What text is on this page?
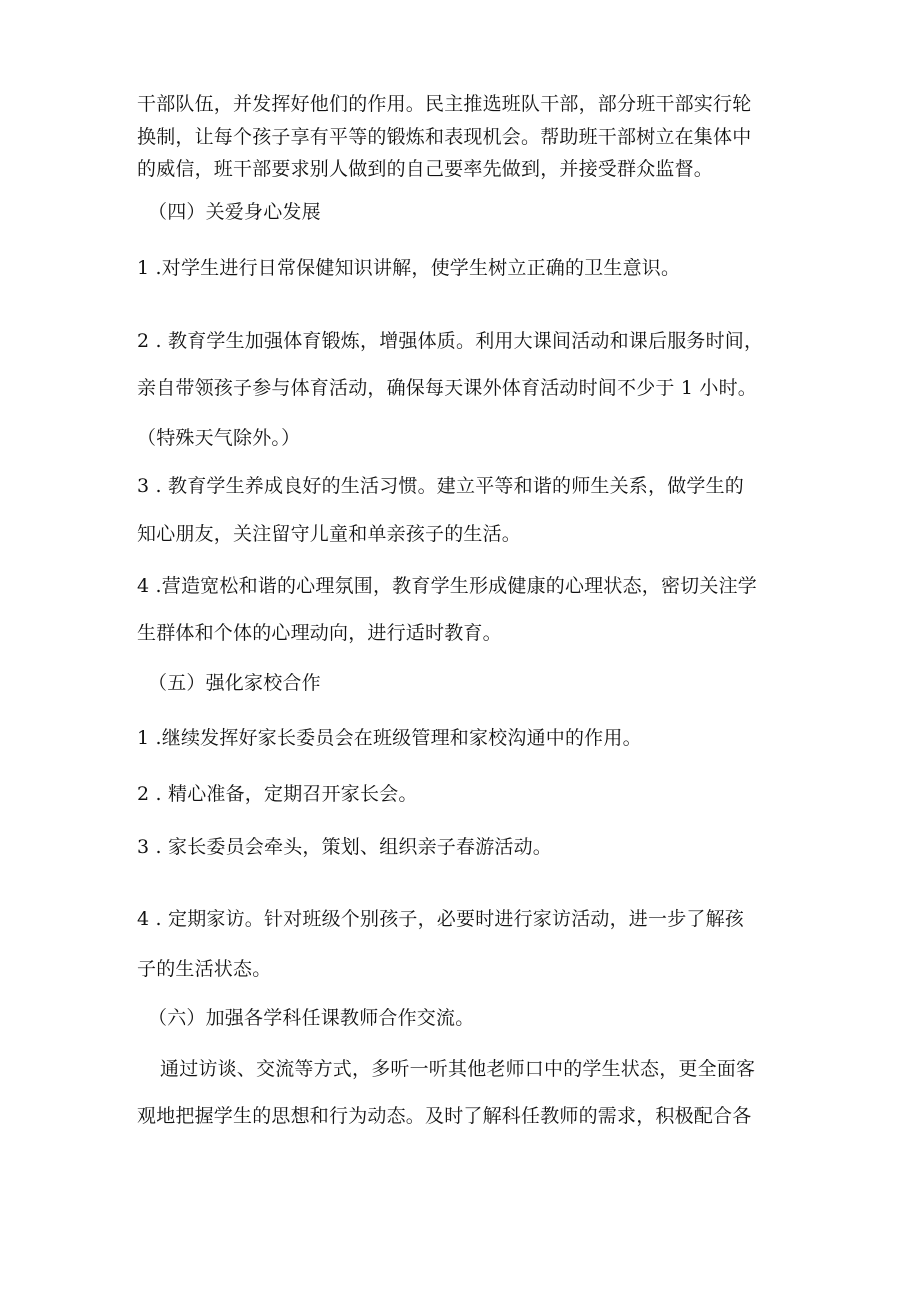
干部队伍，并发挥好他们的作用。民主推选班队干部，部分班干部实行轮
换制，让每个孩子享有平等的锻炼和表现机会。帮助班干部树立在集体中
的威信，班干部要求别人做到的自己要率先做到，并接受群众监督。
（四）关爱身心发展
1 .对学生进行日常保健知识讲解，使学生树立正确的卫生意识。
2 . 教育学生加强体育锻炼，增强体质。利用大课间活动和课后服务时间，
亲自带领孩子参与体育活动，确保每天课外体育活动时间不少于 1 小时。
（特殊天气除外。）
3 . 教育学生养成良好的生活习惯。建立平等和谐的师生关系，做学生的
知心朋友，关注留守儿童和单亲孩子的生活。
4 .营造宽松和谐的心理氛围，教育学生形成健康的心理状态，密切关注学
生群体和个体的心理动向，进行适时教育。
（五）强化家校合作
1 .继续发挥好家长委员会在班级管理和家校沟通中的作用。
2 . 精心准备，定期召开家长会。
3 . 家长委员会牵头，策划、组织亲子春游活动。
4 . 定期家访。针对班级个别孩子，必要时进行家访活动，进一步了解孩
子的生活状态。
（六）加强各学科任课教师合作交流。
通过访谈、交流等方式，多听一听其他老师口中的学生状态，更全面客
观地把握学生的思想和行为动态。及时了解科任教师的需求，积极配合各
